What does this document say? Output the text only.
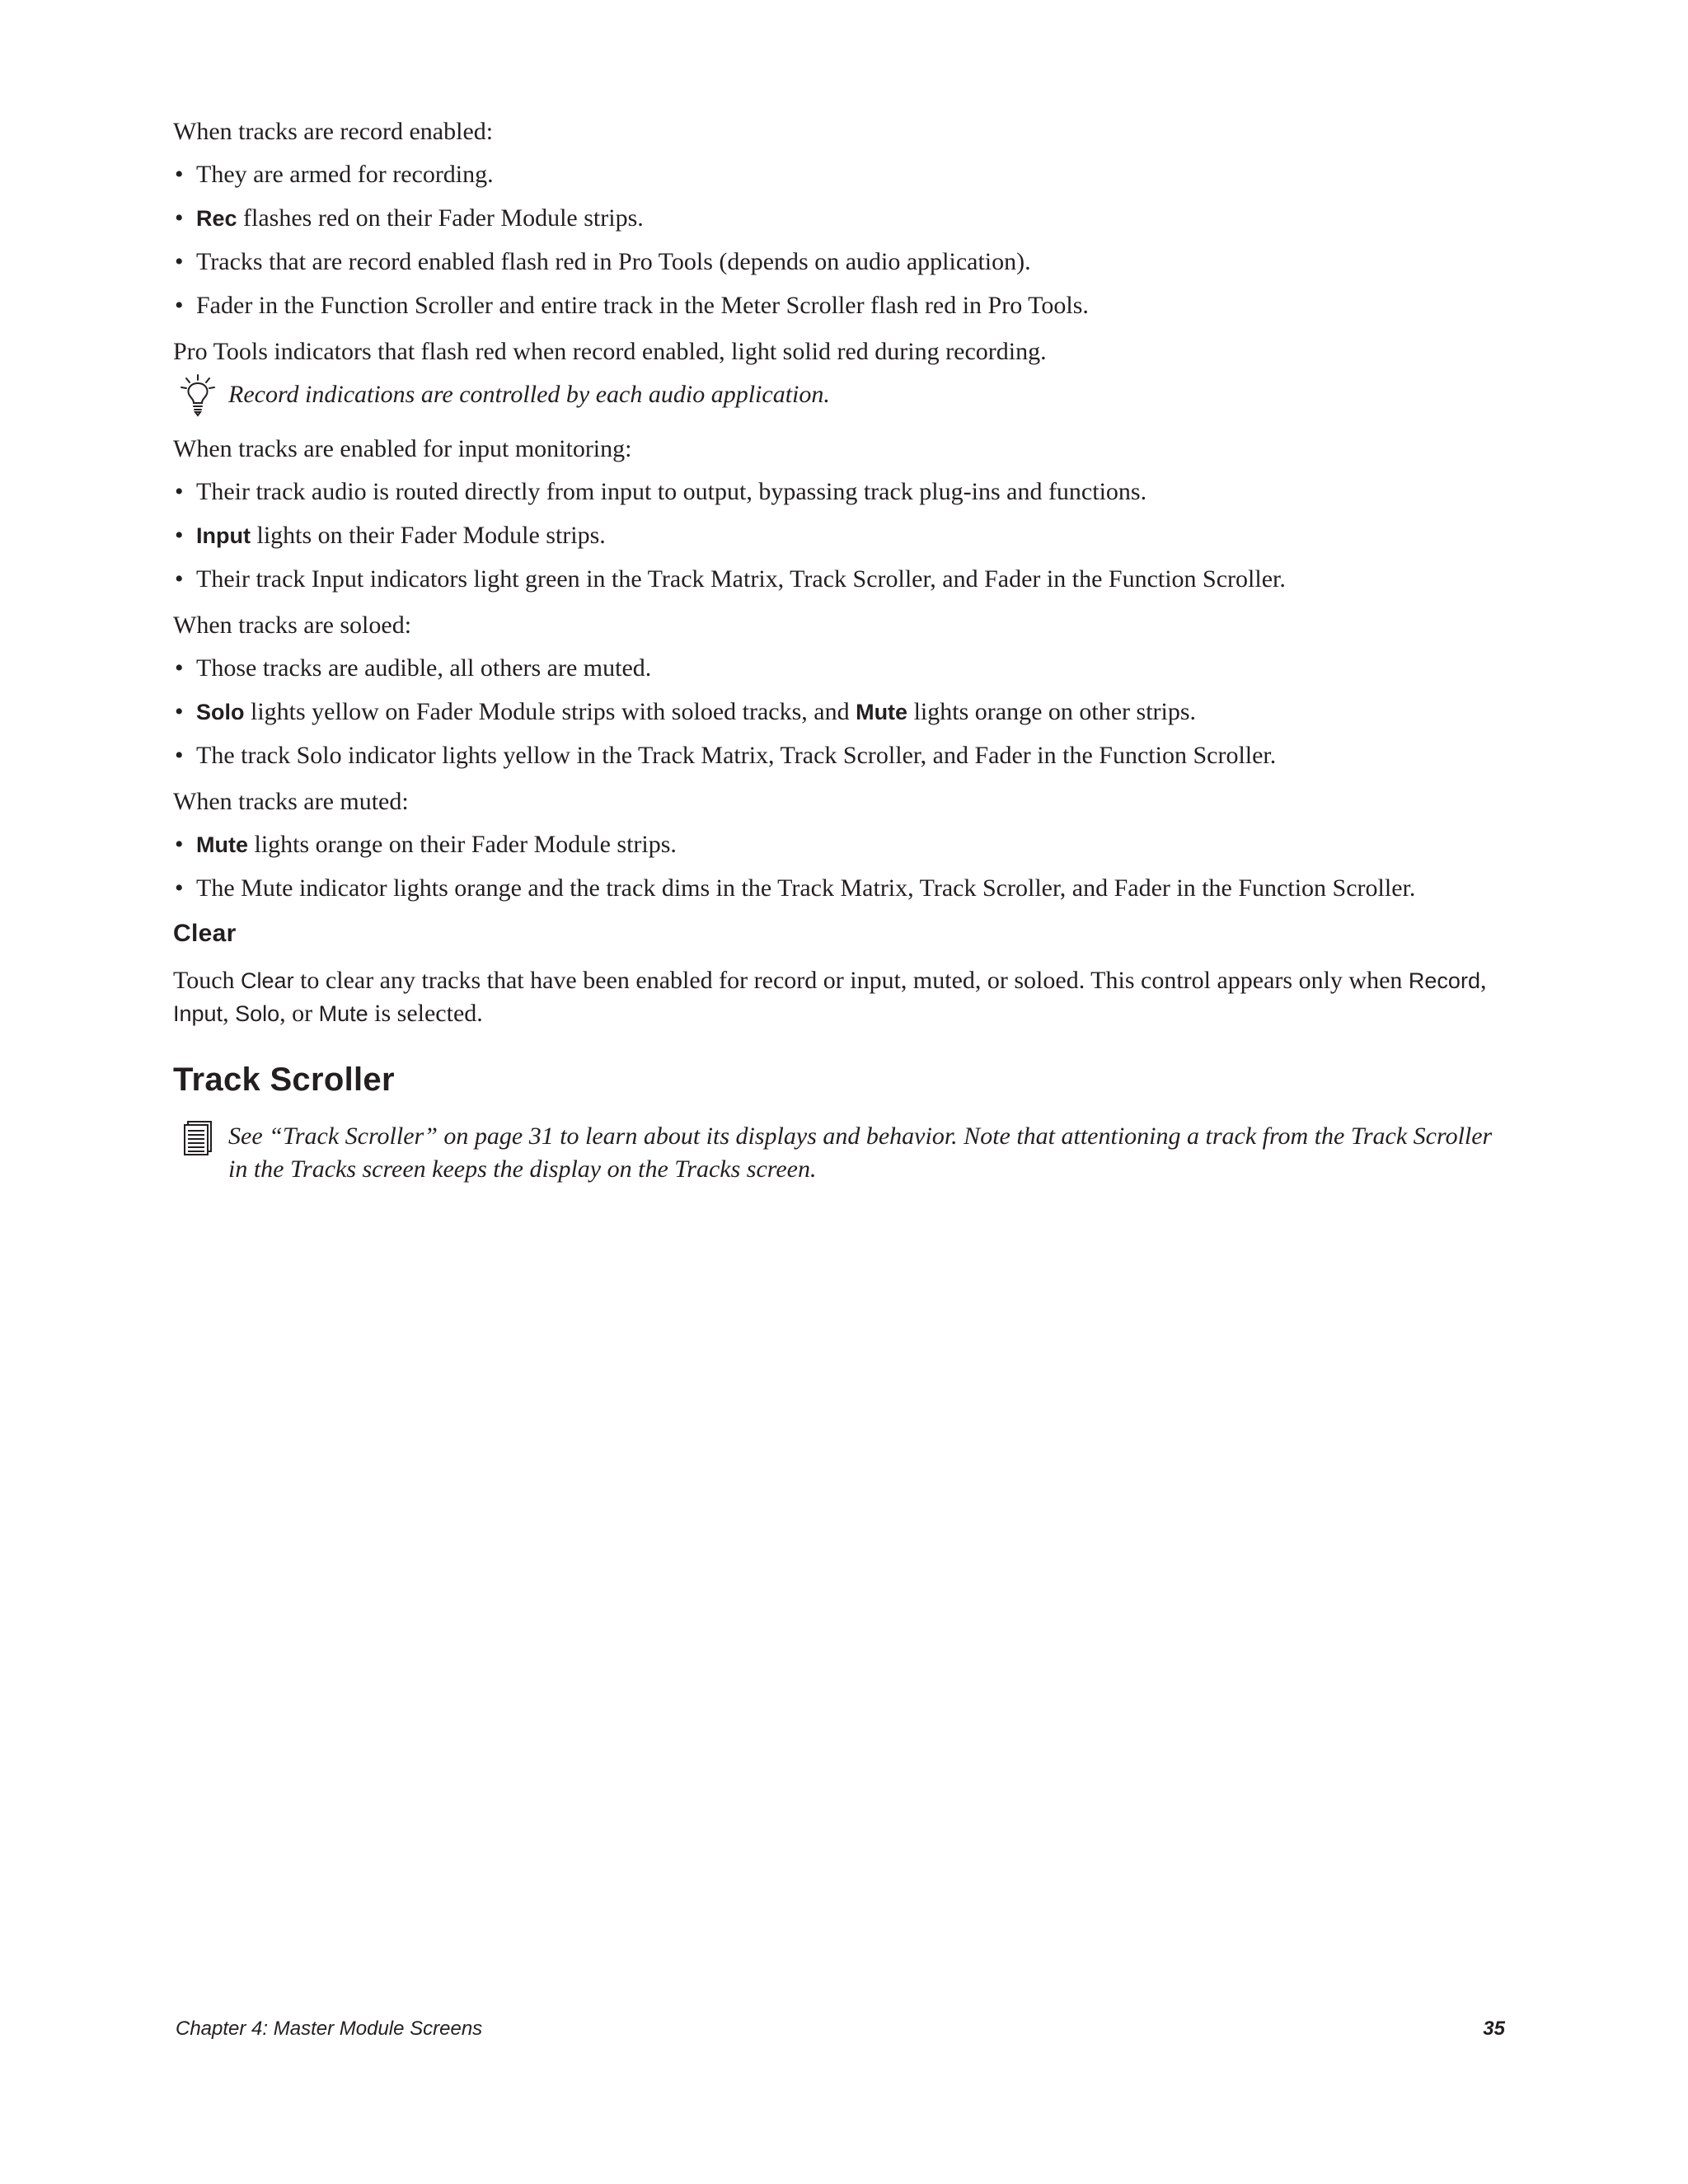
When tracks are record enabled:

• They are armed for recording.
• Rec flashes red on their Fader Module strips.
• Tracks that are record enabled flash red in Pro Tools (depends on audio application).
• Fader in the Function Scroller and entire track in the Meter Scroller flash red in Pro Tools.

Pro Tools indicators that flash red when record enabled, light solid red during recording.

Record indications are controlled by each audio application.

When tracks are enabled for input monitoring:

• Their track audio is routed directly from input to output, bypassing track plug-ins and functions.
• Input lights on their Fader Module strips.
• Their track Input indicators light green in the Track Matrix, Track Scroller, and Fader in the Function Scroller.

When tracks are soloed:

• Those tracks are audible, all others are muted.
• Solo lights yellow on Fader Module strips with soloed tracks, and Mute lights orange on other strips.
• The track Solo indicator lights yellow in the Track Matrix, Track Scroller, and Fader in the Function Scroller.

When tracks are muted:

• Mute lights orange on their Fader Module strips.
• The Mute indicator lights orange and the track dims in the Track Matrix, Track Scroller, and Fader in the Function Scroller.
Clear

Touch Clear to clear any tracks that have been enabled for record or input, muted, or soloed. This control appears only when Record, Input, Solo, or Mute is selected.

Track Scroller
See “Track Scroller” on page 31 to learn about its displays and behavior. Note that attentioning a track from the Track Scroller in the Tracks screen keeps the display on the Tracks screen.
Chapter 4: Master Module Screens	35
